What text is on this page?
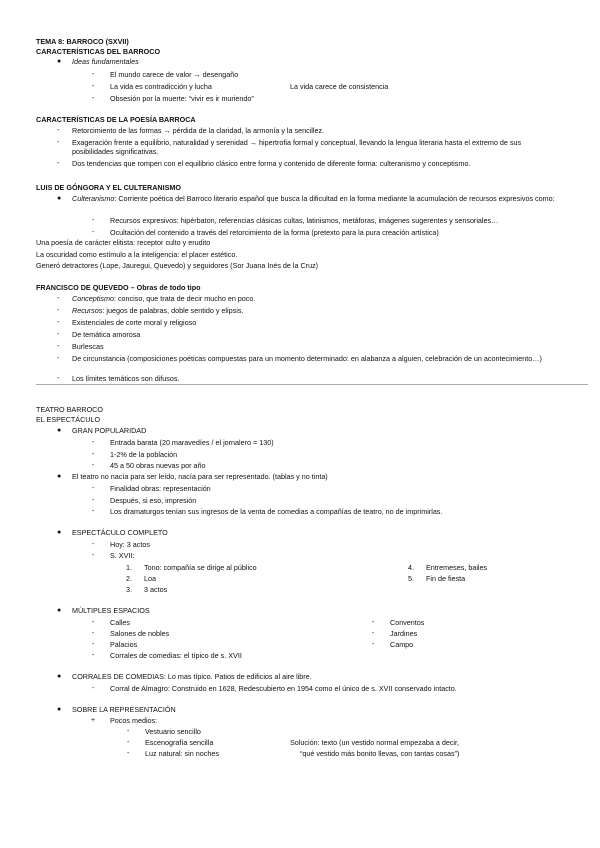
TEMA 8: BARROCO (SXVII)
CARACTERÍSTICAS DEL BARROCO
● Ideas fundamentales
- El mundo carece de valor → desengaño
- La vida es contradicción y lucha	La vida carece de consistencia
- Obsesión por la muerte: “vivir es ir muriendo”
CARACTERÍSTICAS DE LA POESÍA BARROCA
- Retorcimiento de las formas → pérdida de la claridad, la armonía y la sencillez.
- Exageración frente a equilibrio, naturalidad y serenidad → hipertrofia formal y conceptual, llevando la lengua literaria hasta el extremo de sus posibilidades significativas.
- Dos tendencias que rompen con el equilibrio clásico entre forma y contenido de diferente forma: culteranismo y conceptismo.
LUIS DE GÓNGORA Y EL CULTERANISMO
● Culteranismo: Corriente poética del Barroco literario español que busca la dificultad en la forma mediante la acumulación de recursos expresivos como:
- Recursos expresivos: hipérbaton, referencias clásicas cultas, latinismos, metáforas, imágenes sugerentes y sensoriales…
- Ocultación del contenido a través del retorcimiento de la forma (pretexto para la pura creación artística)
Una poesía de carácter elitista: receptor culto y erudito
La oscuridad como estímulo a la inteligencia: el placer estético.
Generó detractores (Lope, Jauregui, Quevedo) y seguidores (Sor Juana Inés de la Cruz)
FRANCISCO DE QUEVEDO – Obras de todo tipo
- Conceptismo: conciso, que trata de decir mucho en poco.
- Recursos: juegos de palabras, doble sentido y elipsis.
- Existenciales de corte moral y religioso
- De temática amorosa
- Burlescas
- De circunstancia (composiciones poéticas compuestas para un momento determinado: en alabanza a alguien, celebración de un acontecimiento…)
- Los límites temáticos son difusos.
TEATRO BARROCO
EL ESPECTÁCULO
● GRAN POPULARIDAD
- Entrada barata (20 maravedíes / el jornalero = 130)
- 1-2% de la población
- 45 a 50 obras nuevas por año
● El teatro no nacía para ser leído, nacía para ser representado. (tablas y no tinta)
- Finalidad obras: representación
- Después, si eso, impresión
- Los dramaturgos tenían sus ingresos de la venta de comedias a compañías de teatro, no de imprimirlas.
● ESPECTÁCULO COMPLETO
- Hoy: 3 actos
- S. XVII:
1. Tono: compañía se dirige al público	4. Entremeses, bailes
2. Loa	5. Fin de fiesta
3. 3 actos
● MÚLTIPLES ESPACIOS
- Calles	- Conventos
- Salones de nobles	- Jardines
- Palacios	- Campo
- Corrales de comedias: el típico de s. XVII
● CORRALES DE COMEDIAS: Lo mas típico. Patios de edificios al aire libre.
- Corral de Almagro: Construido en 1628, Redescubierto en 1954 como el único de s. XVII conservado intacto.
● SOBRE LA REPRESENTACIÓN
+ Pocos medios:
- Vestuario sencillo
- Escenografía sencilla	Solución: texto (un vestido normal empezaba a decir,
- Luz natural: sin noches	“qué vestido más bonito llevas, con tantas cosas”)
